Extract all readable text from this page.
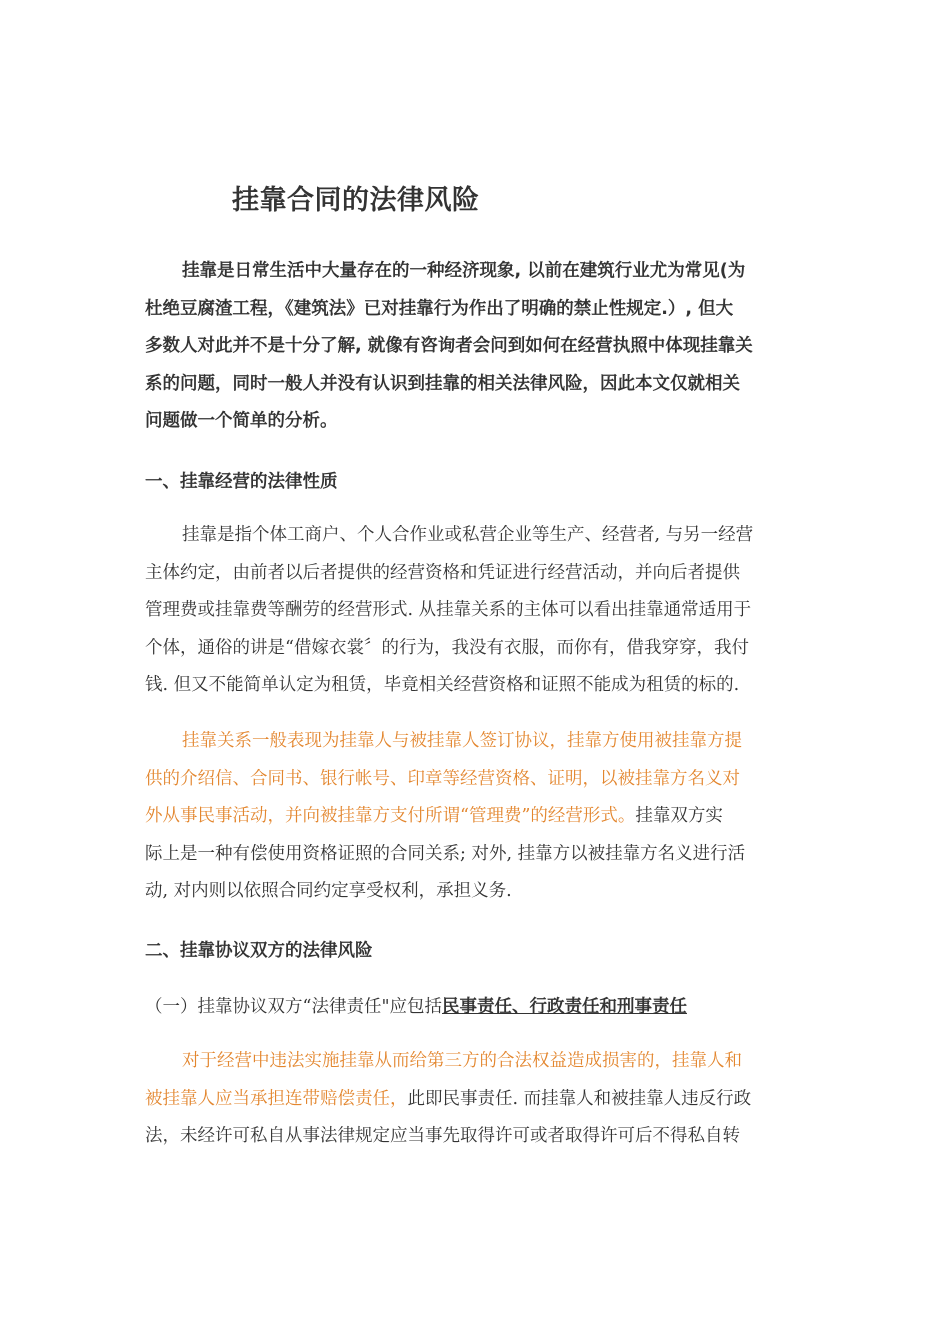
挂靠合同的法律风险
挂靠是日常生活中大量存在的一种经济现象, 以前在建筑行业尤为常见(为
杜绝豆腐渣工程，《建筑法》已对挂靠行为作出了明确的禁止性规定.）, 但大
多数人对此并不是十分了解, 就像有咨询者会问到如何在经营执照中体现挂靠关
系的问题，同时一般人并没有认识到挂靠的相关法律风险，因此本文仅就相关
问题做一个简单的分析。
一、挂靠经营的法律性质
挂靠是指个体工商户、个人合作业或私营企业等生产、经营者, 与另一经营
主体约定，由前者以后者提供的经营资格和凭证进行经营活动，并向后者提供
管理费或挂靠费等酬劳的经营形式. 从挂靠关系的主体可以看出挂靠通常适用于
个体，通俗的讲是“借嫁衣裳〞的行为，我没有衣服，而你有，借我穿穿，我付
钱. 但又不能简单认定为租赁，毕竟相关经营资格和证照不能成为租赁的标的.
挂靠关系一般表现为挂靠人与被挂靠人签订协议，挂靠方使用被挂靠方提
供的介绍信、合同书、银行帐号、印章等经营资格、证明，以被挂靠方名义对
外从事民事活动，并向被挂靠方支付所谓“管理费”的经营形式。挂靠双方实
际上是一种有偿使用资格证照的合同关系; 对外, 挂靠方以被挂靠方名义进行活
动, 对内则以依照合同约定享受权利，承担义务.
二、挂靠协议双方的法律风险

（一）挂靠协议双方“法律责任"应包括民事责任、行政责任和刑事责任

对于经营中违法实施挂靠从而给第三方的合法权益造成损害的，挂靠人和
被挂靠人应当承担连带赔偿责任，此即民事责任. 而挂靠人和被挂靠人违反行政
法，未经许可私自从事法律规定应当事先取得许可或者取得许可后不得私自转
